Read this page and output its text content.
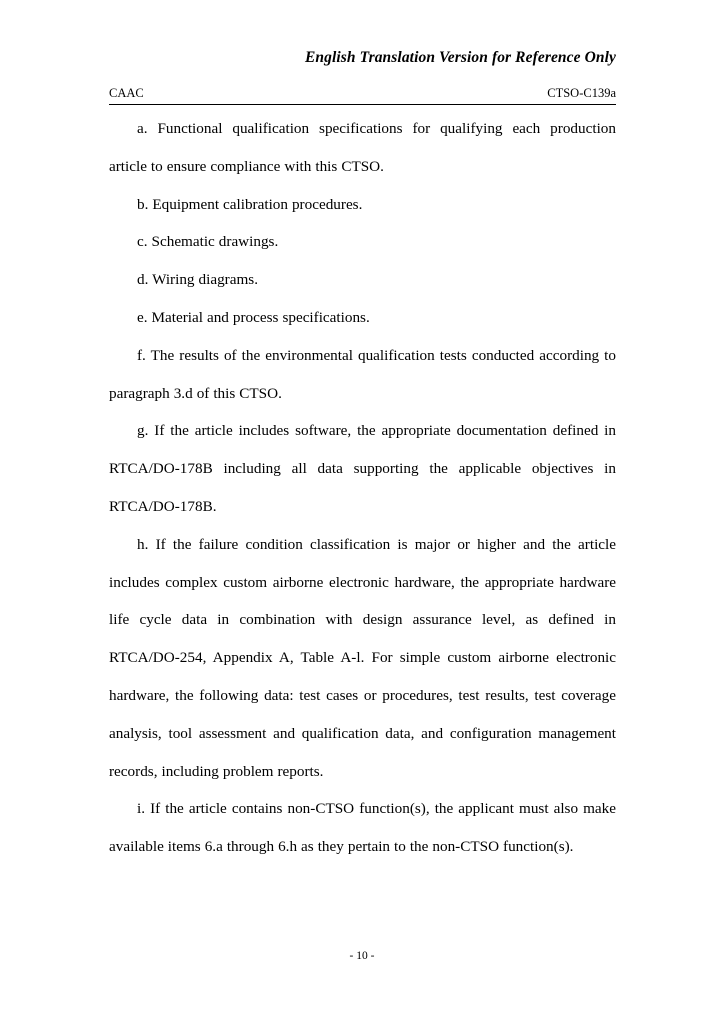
English Translation Version for Reference Only
CAAC	CTSO-C139a

a. Functional qualification specifications for qualifying each production article to ensure compliance with this CTSO.

b. Equipment calibration procedures.

c. Schematic drawings.

d. Wiring diagrams.

e. Material and process specifications.

f. The results of the environmental qualification tests conducted according to paragraph 3.d of this CTSO.

g. If the article includes software, the appropriate documentation defined in RTCA/DO-178B including all data supporting the applicable objectives in RTCA/DO-178B.

h. If the failure condition classification is major or higher and the article includes complex custom airborne electronic hardware, the appropriate hardware life cycle data in combination with design assurance level, as defined in RTCA/DO-254, Appendix A, Table A-l. For simple custom airborne electronic hardware, the following data: test cases or procedures, test results, test coverage analysis, tool assessment and qualification data, and configuration management records, including problem reports.

i. If the article contains non-CTSO function(s), the applicant must also make available items 6.a through 6.h as they pertain to the non-CTSO function(s).

- 10 -
